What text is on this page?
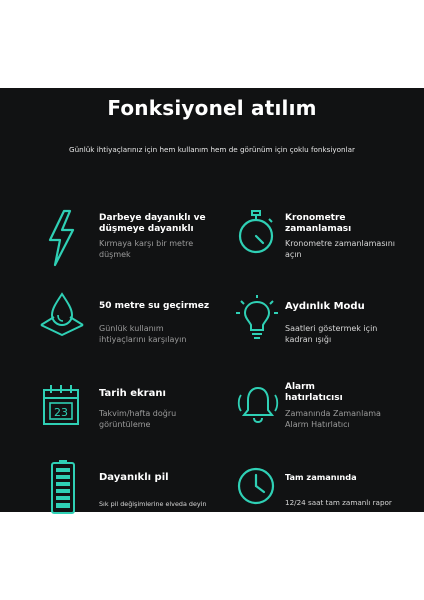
Fonksiyonel atılım
Günlük ihtiyaçlarınız için hem kullanım hem de görünüm için çoklu fonksiyonlar
Darbeye dayanıklı ve düşmeye dayanıklı
Kırmaya karşı bir metre düşmek
Kronometre zamanlaması
Kronometre zamanlamasını açın
50 metre su geçirmez
Günlük kullanım ihtiyaçlarını karşılayın
Aydınlık Modu
Saatleri göstermek için kadran ışığı
23
Tarih ekranı
Takvim/hafta doğru görüntüleme
Alarm hatırlatıcısı
Zamanında Zamanlama Alarm Hatırlatıcı
Dayanıklı pil
Sık pil değişimlerine elveda deyin
Tam zamanında
12/24 saat tam zamanlı rapor
